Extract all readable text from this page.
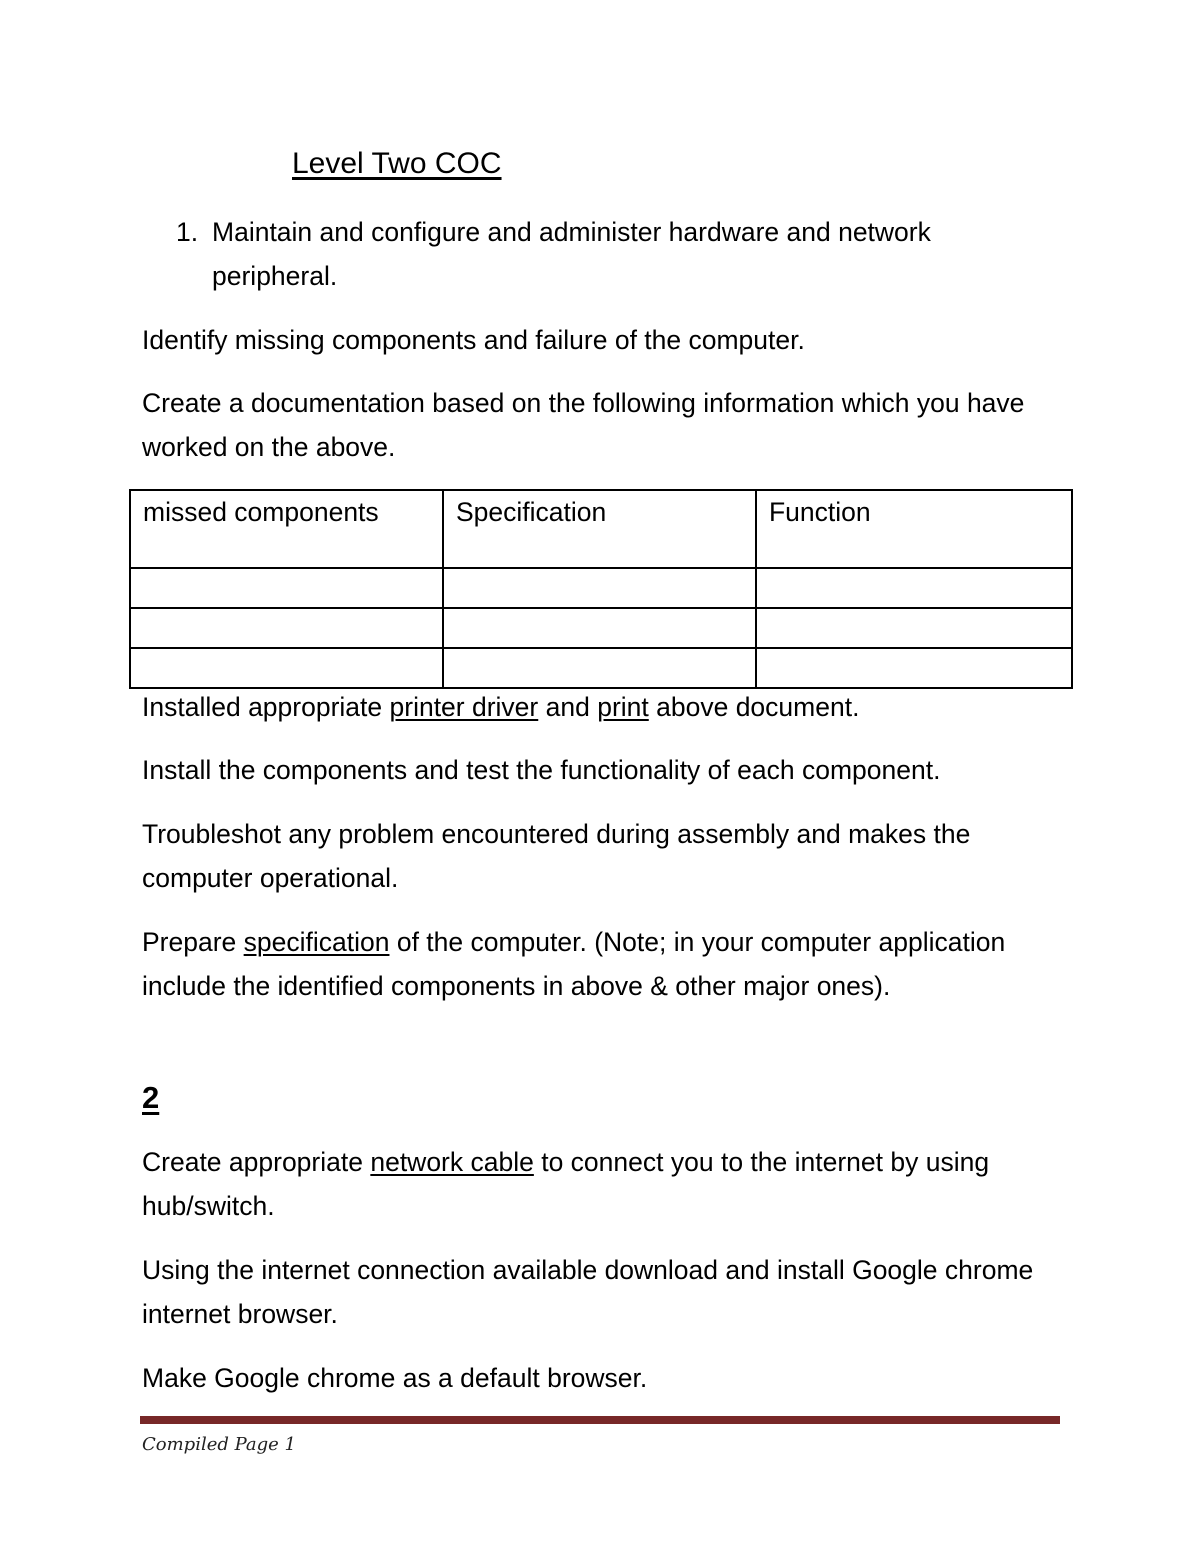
Level Two COC

1. Maintain and configure and administer hardware and network peripheral.

Identify missing components and failure of the computer.

Create a documentation based on the following information which you have worked on the above.

missed components	Specification	Function

Installed appropriate printer driver and print above document.

Install the components and test the functionality of each component.

Troubleshot any problem encountered during assembly and makes the computer operational.

Prepare specification of the computer. (Note; in your computer application include the identified components in above & other major ones).

2

Create appropriate network cable to connect you to the internet by using hub/switch.

Using the internet connection available download and install Google chrome internet browser.

Make Google chrome as a default browser.

Compiled Page 1
